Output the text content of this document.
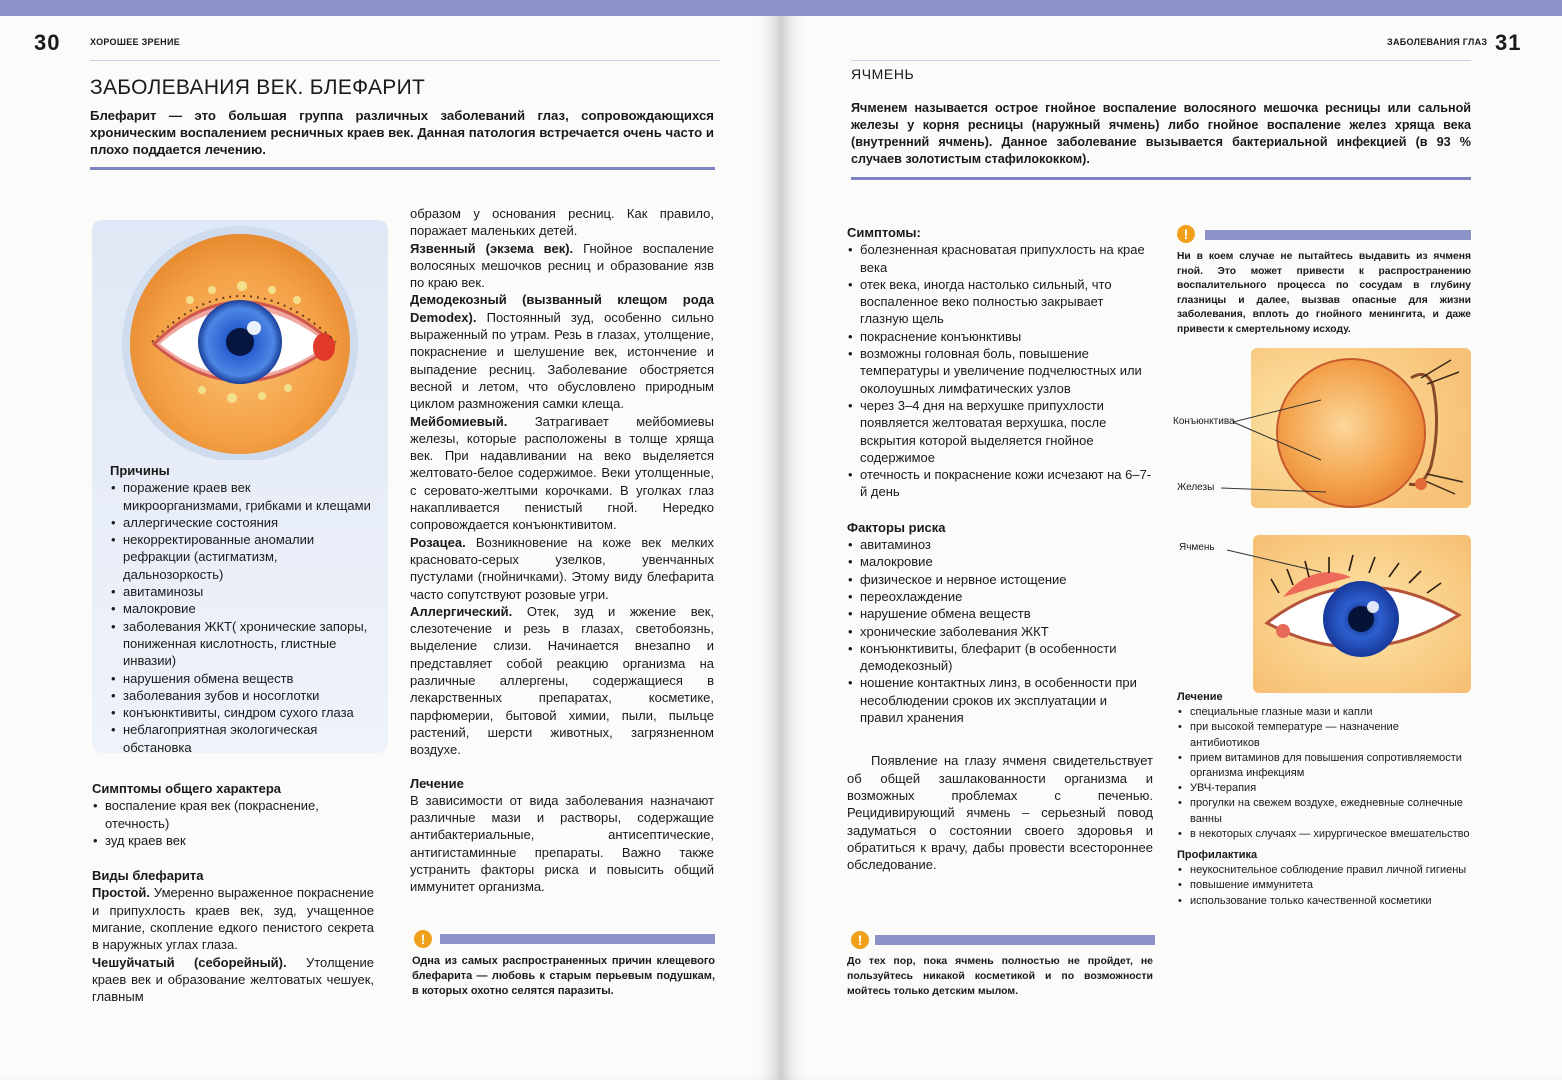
30	ХОРОШЕЕ ЗРЕНИЕ
ЗАБОЛЕВАНИЯ ВЕК. БЛЕФАРИТ
Блефарит — это большая группа различных заболеваний глаз, сопровождающихся хроническим воспалением ресничных краев век. Данная патология встречается очень часто и плохо поддается лечению.

Причины

• поражение краев век микроорганизмами, грибками и клещами
• аллергические состояния
• некорректированные аномалии рефракции (астигматизм, дальнозоркость)
• авитаминозы
• малокровие
• заболевания ЖКТ( хронические запоры, пониженная кислотность, глистные инвазии)
• нарушения обмена веществ
• заболевания зубов и носоглотки
• конъюнктивиты, синдром сухого глаза
• неблагоприятная экологическая обстановка

Симптомы общего характера

• воспаление края век (покраснение, отечность)
• зуд краев век

Виды блефарита

Простой. Умеренно выраженное покраснение и припухлость краев век, зуд, учащенное мигание, скопление едкого пенистого секрета в наружных углах глаза.

Чешуйчатый (себорейный). Утолщение краев век и образование желтоватых чешуек, главным

образом у основания ресниц. Как правило, поражает маленьких детей.

Язвенный (экзема век). Гнойное воспаление волосяных мешочков ресниц и образование язв по краю век.

Демодекозный (вызванный клещом рода Demodex). Постоянный зуд, особенно сильно выраженный по утрам. Резь в глазах, утолщение, покраснение и шелушение век, истончение и выпадение ресниц. Заболевание обостряется весной и летом, что обусловлено природным циклом размножения самки клеща.

Мейбомиевый. Затрагивает мейбомиевы железы, которые расположены в толще хряща век. При надавливании на веко выделяется желтовато-белое содержимое. Веки утолщенные, с серовато-желтыми корочками. В уголках глаз накапливается пенистый гной. Нередко сопровождается конъюнктивитом.

Розацеа. Возникновение на коже век мелких красновато-серых узелков, увенчанных пустулами (гнойничками). Этому виду блефарита часто сопутствуют розовые угри.

Аллергический. Отек, зуд и жжение век, слезотечение и резь в глазах, светобоязнь, выделение слизи. Начинается внезапно и представляет собой реакцию организма на различные аллергены, содержащиеся в лекарственных препаратах, косметике, парфюмерии, бытовой химии, пыли, пыльце растений, шерсти животных, загрязненном воздухе.

Лечение

В зависимости от вида заболевания назначают различные мази и растворы, содержащие антибактериальные, антисептические, антигистаминные препараты. Важно также устранить факторы риска и повысить общий иммунитет организма.

!
Одна из самых распространенных причин клещевого блефарита — любовь к старым перьевым подушкам, в которых охотно селятся паразиты.
ЗАБОЛЕВАНИЯ ГЛАЗ 31
ЯЧМЕНЬ
Ячменем называется острое гнойное воспаление волосяного мешочка ресницы или сальной железы у корня ресницы (наружный ячмень) либо гнойное воспаление желез хряща века (внутренний ячмень). Данное заболевание вызывается бактериальной инфекцией (в 93 % случаев золотистым стафилококком).

Симптомы:

• болезненная красноватая припухлость на крае века
• отек века, иногда настолько сильный, что воспаленное веко полностью закрывает глазную щель
• покраснение конъюнктивы
• возможны головная боль, повышение температуры и увеличение подчелюстных или околоушных лимфатических узлов
• через 3–4 дня на верхушке припухлости появляется желтоватая верхушка, после вскрытия которой выделяется гнойное содержимое
• отечность и покраснение кожи исчезают на 6–7-й день

Факторы риска

• авитаминоз
• малокровие
• физическое и нервное истощение
• переохлаждение
• нарушение обмена веществ
• хронические заболевания ЖКТ
• конъюнктивиты, блефарит (в особенности демодекозный)
• ношение контактных линз, в особенности при несоблюдении сроков их эксплуатации и правил хранения

Появление на глазу ячменя свидетельствует об общей зашлакованности организма и возможных проблемах с печенью. Рецидивирующий ячмень – серьезный повод задуматься о состоянии своего здоровья и обратиться к врачу, дабы провести всестороннее обследование.

!
До тех пор, пока ячмень полностью не пройдет, не пользуйтесь никакой косметикой и по возможности мойтесь только детским мылом.
!
Ни в коем случае не пытайтесь выдавить из ячменя гной. Это может привести к распространению воспалительного процесса по сосудам в глубину глазницы и далее, вызвав опасные для жизни заболевания, вплоть до гнойного менингита, и даже привести к смертельному исходу.
Конъюнктива
Железы
Ячмень

Лечение

• специальные глазные мази и капли
• при высокой температуре — назначение антибиотиков
• прием витаминов для повышения сопротивляемости организма инфекциям
• УВЧ-терапия
• прогулки на свежем воздухе, ежедневные солнечные ванны
• в некоторых случаях — хирургическое вмешательство

Профилактика

• неукоснительное соблюдение правил личной гигиены
• повышение иммунитета
• использование только качественной косметики
